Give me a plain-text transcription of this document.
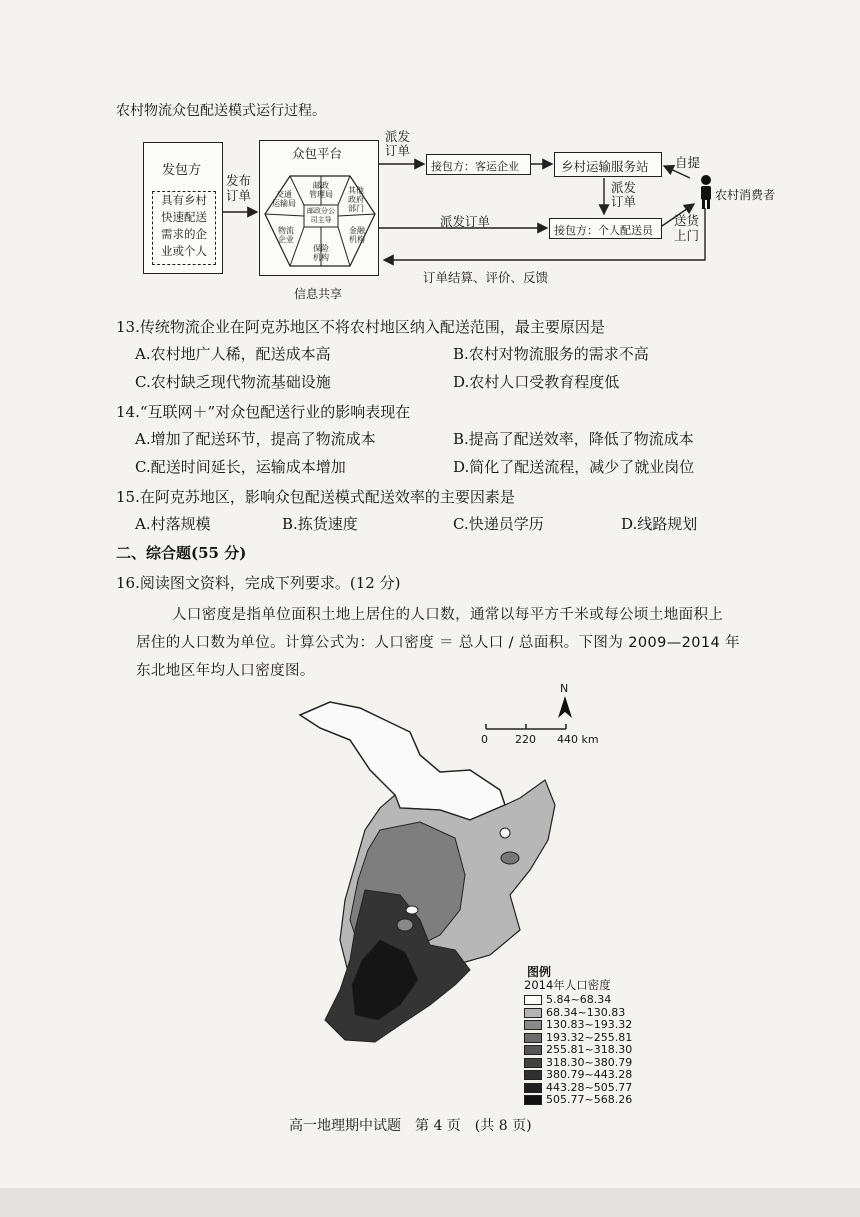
农村物流众包配送模式运行过程。
发包方
具有乡村
快速配送
需求的企
业或个人
发布
订单
众包平台
邮政
管理局
交通
运输局
其他
政府
部门
邮政分公
司主导
物流
企业
金融
机构
保险
机构
派发
订单
接包方：客运企业	乡村运输服务站 自提
派发
订单	农村消费者
派发订单
接包方：个人配送员
送货
上门
订单结算、评价、反馈
信息共享
13.传统物流企业在阿克苏地区不将农村地区纳入配送范围，最主要原因是
A.农村地广人稀，配送成本高	B.农村对物流服务的需求不高
C.农村缺乏现代物流基础设施	D.农村人口受教育程度低
14.“互联网＋”对众包配送行业的影响表现在
A.增加了配送环节，提高了物流成本	B.提高了配送效率，降低了物流成本
C.配送时间延长，运输成本增加	D.简化了配送流程，减少了就业岗位
15.在阿克苏地区，影响众包配送模式配送效率的主要因素是
A.村落规模	B.拣货速度	C.快递员学历	D.线路规划
二、综合题(55 分)
16.阅读图文资料，完成下列要求。(12 分)
人口密度是指单位面积土地上居住的人口数，通常以每平方千米或每公顷土地面积上
居住的人口数为单位。计算公式为：人口密度 ＝ 总人口 / 总面积。下图为 2009—2014 年
东北地区年均人口密度图。
N
0 220 440 km
图例
2014年人口密度
5.84~68.34
68.34~130.83
130.83~193.32
193.32~255.81
255.81~318.30
318.30~380.79
380.79~443.28
443.28~505.77
505.77~568.26
高一地理期中试题　第 4 页　(共 8 页)
